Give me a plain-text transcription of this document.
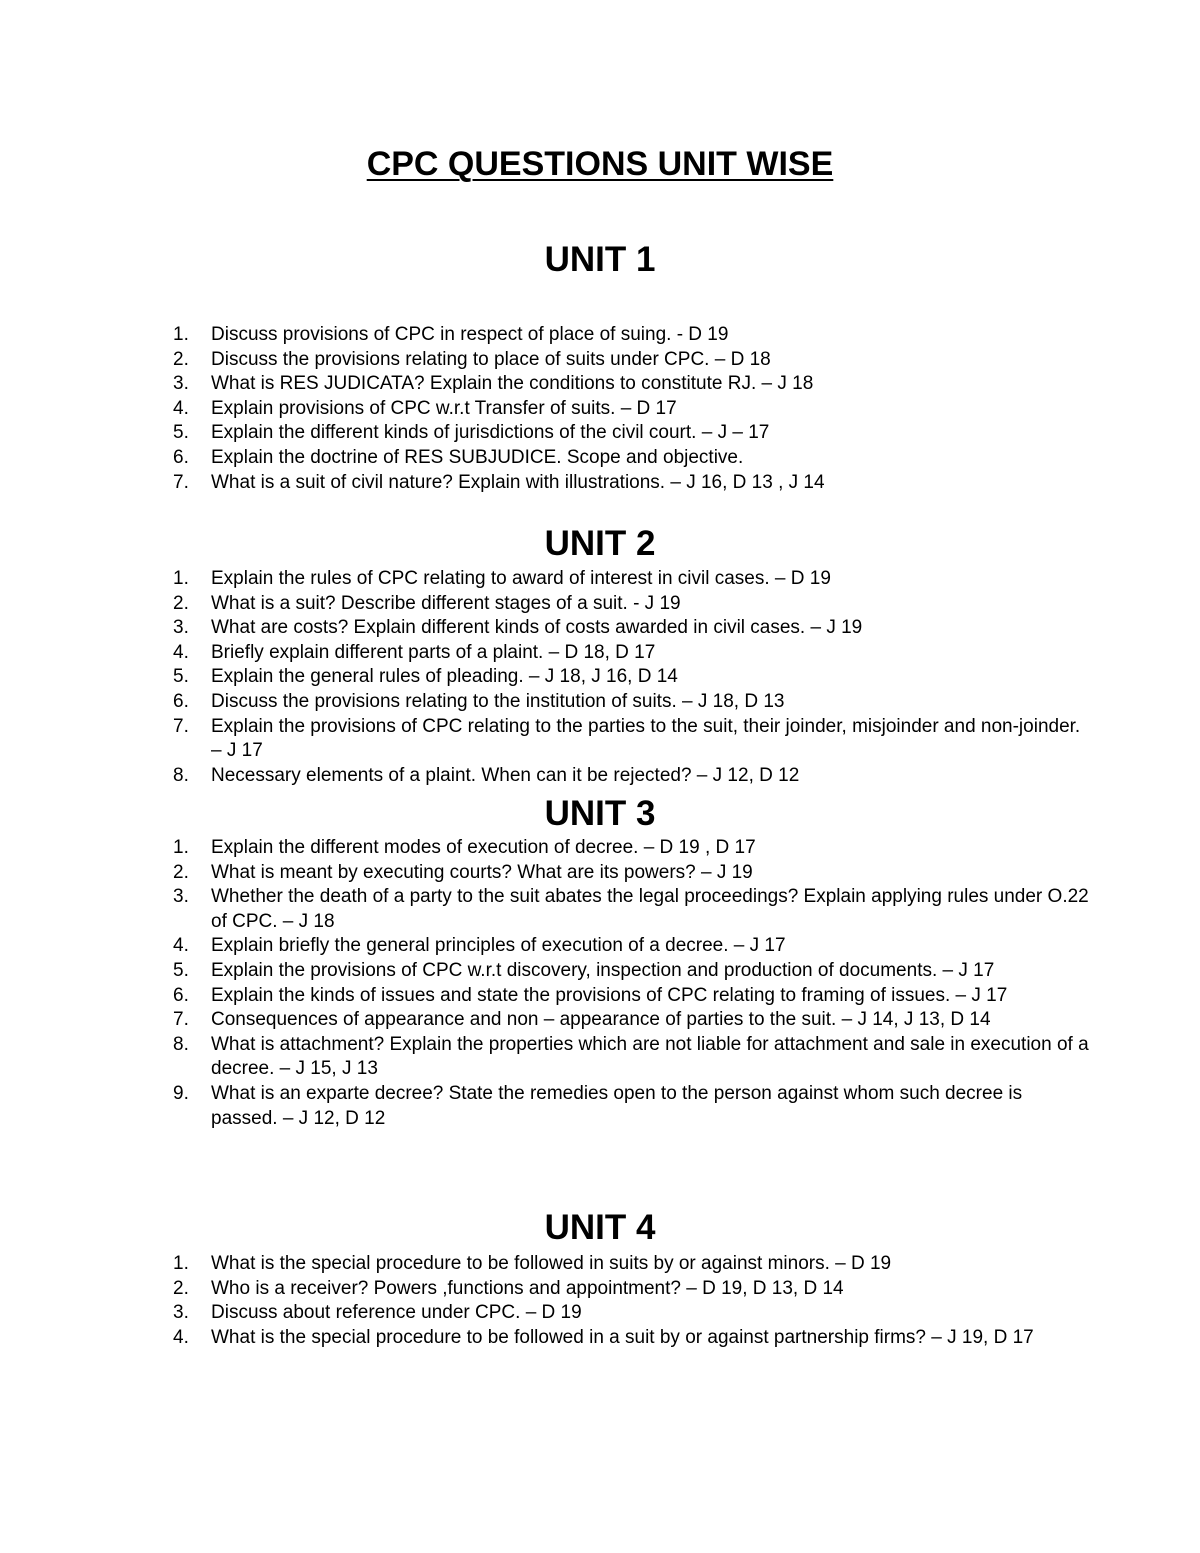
CPC QUESTIONS UNIT WISE
UNIT 1
1.	Discuss provisions of CPC in respect of place of suing. - D 19
2.	Discuss the provisions relating to place of suits under CPC. – D 18
3.	What is RES JUDICATA? Explain the conditions to constitute RJ. – J 18
4.	Explain provisions of CPC w.r.t Transfer of suits. – D 17
5.	Explain the different kinds of jurisdictions of the civil court. – J – 17
6.	Explain the doctrine of RES SUBJUDICE. Scope and objective.
7.	What is a suit of civil nature? Explain with illustrations. – J 16, D 13 , J 14
UNIT 2
1.	Explain the rules of CPC relating to award of interest in civil cases. – D 19
2.	What is a suit? Describe different stages of a suit. - J 19
3.	What are costs? Explain different kinds of costs awarded in civil cases. – J 19
4.	Briefly explain different parts of a plaint. – D 18, D 17
5.	Explain the general rules of pleading. – J 18, J 16, D 14
6.	Discuss the provisions relating to the institution of suits. – J 18, D 13
7.	Explain the provisions of CPC relating to the parties to the suit, their joinder, misjoinder and non-joinder. – J 17
8.	Necessary elements of a plaint. When can it be rejected? – J 12, D 12
UNIT 3
1.	Explain the different modes of execution of decree. – D 19 , D 17
2.	What is meant by executing courts? What are its powers? – J 19
3.	Whether the death of a party to the suit abates the legal proceedings? Explain applying rules under O.22 of CPC. – J 18
4.	Explain briefly the general principles of execution of a decree. – J 17
5.	Explain the provisions of CPC w.r.t discovery, inspection and production of documents. – J 17
6.	Explain the kinds of issues and state the provisions of CPC relating to framing of issues. – J 17
7.	Consequences of appearance and non – appearance of parties to the suit. – J 14, J 13, D 14
8.	What is attachment? Explain the properties which are not liable for attachment and sale in execution of a decree. – J 15, J 13
9.	What is an exparte decree? State the remedies open to the person against whom such decree is passed. – J 12, D 12
UNIT 4
1.	What is the special procedure to be followed in suits by or against minors. – D 19
2.	Who is a receiver? Powers ,functions and appointment? – D 19, D 13, D 14
3.	Discuss about reference under CPC. – D 19
4.	What is the special procedure to be followed in a suit by or against partnership firms? – J 19, D 17
